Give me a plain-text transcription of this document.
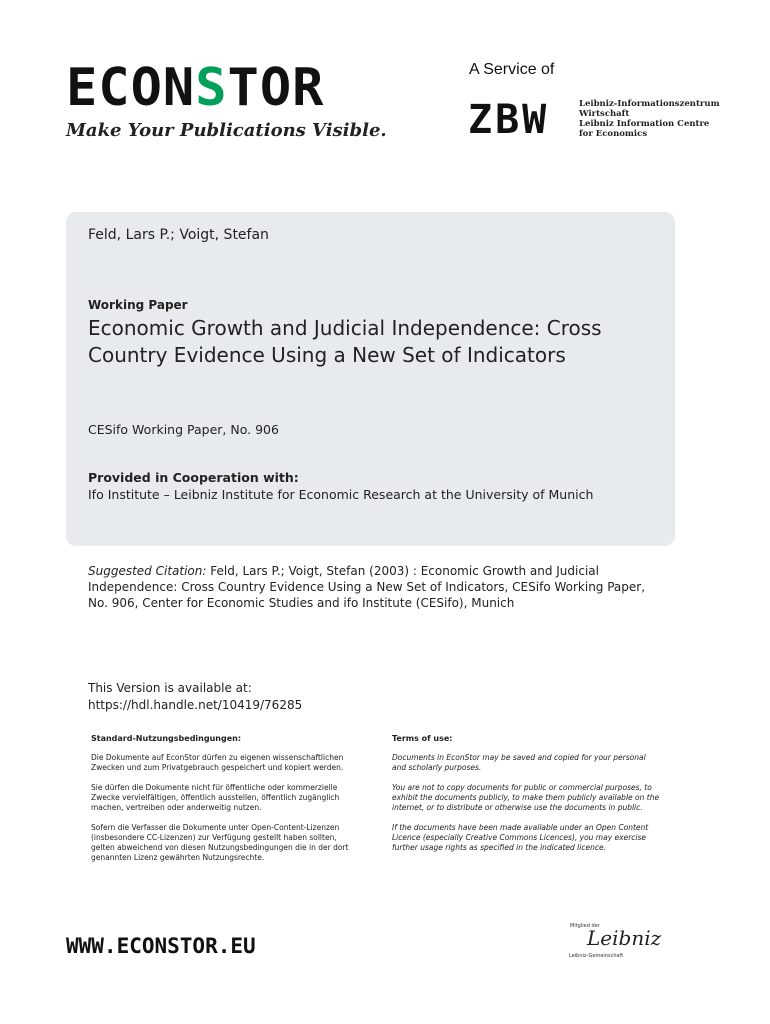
ECONSTOR
Make Your Publications Visible.
A Service of
ZBW	Leibniz-Informationszentrum
Wirtschaft
Leibniz Information Centre
for Economics
Feld, Lars P.; Voigt, Stefan
Working Paper
Economic Growth and Judicial Independence: Cross Country Evidence Using a New Set of Indicators
CESifo Working Paper, No. 906
Provided in Cooperation with:
Ifo Institute – Leibniz Institute for Economic Research at the University of Munich
Suggested Citation: Feld, Lars P.; Voigt, Stefan (2003) : Economic Growth and Judicial Independence: Cross Country Evidence Using a New Set of Indicators, CESifo Working Paper, No. 906, Center for Economic Studies and ifo Institute (CESifo), Munich
This Version is available at:
https://hdl.handle.net/10419/76285
Standard-Nutzungsbedingungen:
Die Dokumente auf EconStor dürfen zu eigenen wissenschaftlichen Zwecken und zum Privatgebrauch gespeichert und kopiert werden.
Sie dürfen die Dokumente nicht für öffentliche oder kommerzielle Zwecke vervielfältigen, öffentlich ausstellen, öffentlich zugänglich machen, vertreiben oder anderweitig nutzen.
Sofern die Verfasser die Dokumente unter Open-Content-Lizenzen (insbesondere CC-Lizenzen) zur Verfügung gestellt haben sollten, gelten abweichend von diesen Nutzungsbedingungen die in der dort genannten Lizenz gewährten Nutzungsrechte.
Terms of use:
Documents in EconStor may be saved and copied for your personal and scholarly purposes.
You are not to copy documents for public or commercial purposes, to exhibit the documents publicly, to make them publicly available on the internet, or to distribute or otherwise use the documents in public.
If the documents have been made available under an Open Content Licence (especially Creative Commons Licences), you may exercise further usage rights as specified in the indicated licence.
WWW.ECONSTOR.EU
Mitglied der
Leibniz
Leibniz-Gemeinschaft
